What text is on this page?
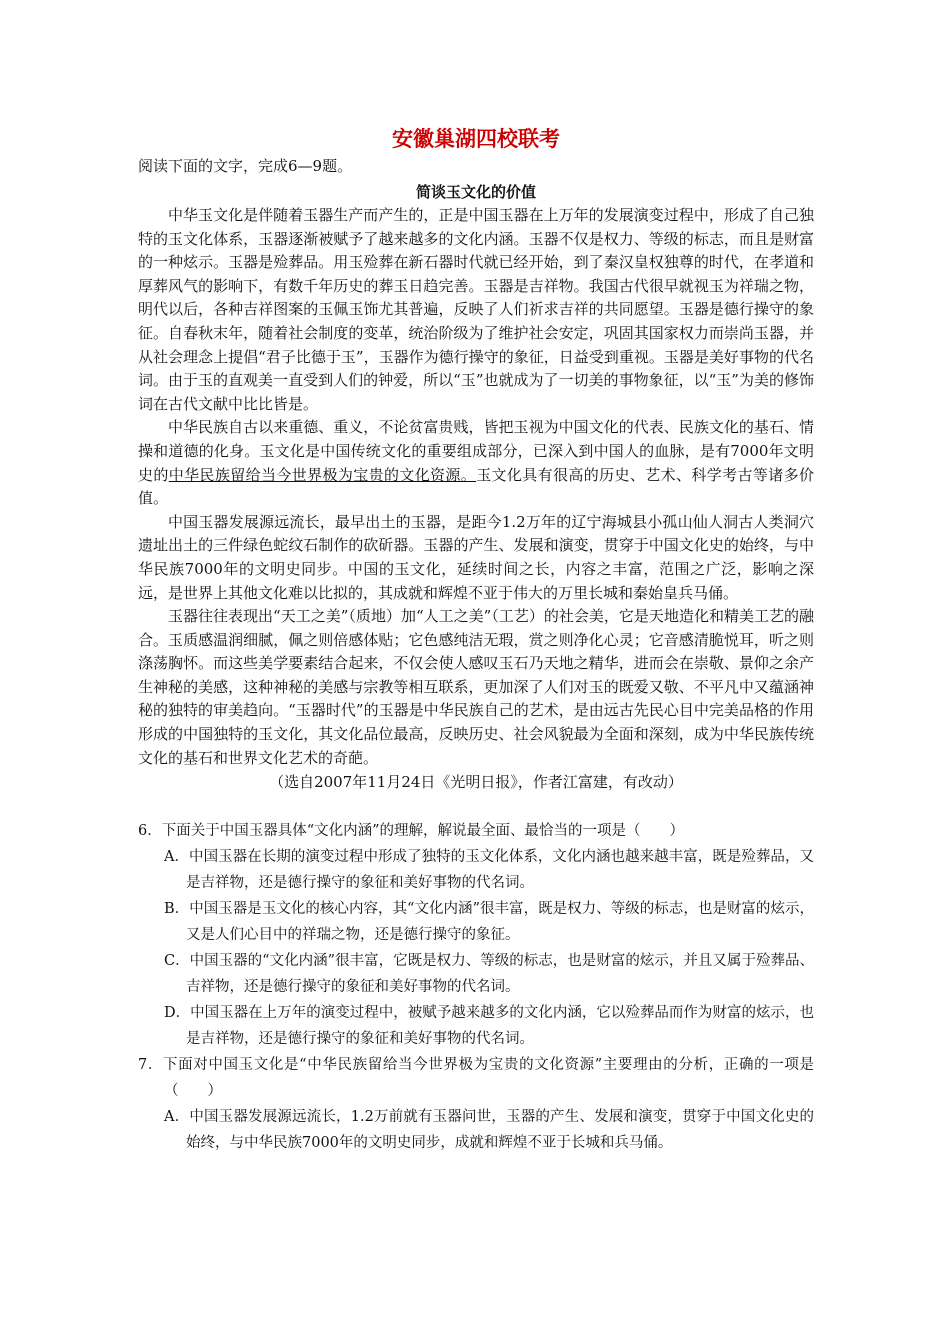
安徽巢湖四校联考

阅读下面的文字，完成6—9题。

简谈玉文化的价值

中华玉文化是伴随着玉器生产而产生的，正是中国玉器在上万年的发展演变过程中，形成了自己独特的玉文化体系，玉器逐渐被赋予了越来越多的文化内涵。玉器不仅是权力、等级的标志，而且是财富的一种炫示。玉器是殓葬品。用玉殓葬在新石器时代就已经开始，到了秦汉皇权独尊的时代，在孝道和厚葬风气的影响下，有数千年历史的葬玉日趋完善。玉器是吉祥物。我国古代很早就视玉为祥瑞之物，明代以后，各种吉祥图案的玉佩玉饰尤其普遍，反映了人们祈求吉祥的共同愿望。玉器是德行操守的象征。自春秋末年，随着社会制度的变革，统治阶级为了维护社会安定，巩固其国家权力而崇尚玉器，并从社会理念上提倡“君子比德于玉”，玉器作为德行操守的象征，日益受到重视。玉器是美好事物的代名词。由于玉的直观美一直受到人们的钟爱，所以“玉”也就成为了一切美的事物象征，以“玉”为美的修饰词在古代文献中比比皆是。

中华民族自古以来重德、重义，不论贫富贵贱，皆把玉视为中国文化的代表、民族文化的基石、情操和道德的化身。玉文化是中国传统文化的重要组成部分，已深入到中国人的血脉，是有7000年文明史的中华民族留给当今世界极为宝贵的文化资源。玉文化具有很高的历史、艺术、科学考古等诸多价值。

中国玉器发展源远流长，最早出土的玉器，是距今1.2万年的辽宁海城县小孤山仙人洞古人类洞穴遗址出土的三件绿色蛇纹石制作的砍斫器。玉器的产生、发展和演变，贯穿于中国文化史的始终，与中华民族7000年的文明史同步。中国的玉文化，延续时间之长，内容之丰富，范围之广泛，影响之深远，是世界上其他文化难以比拟的，其成就和辉煌不亚于伟大的万里长城和秦始皇兵马俑。

玉器往往表现出“天工之美”（质地）加“人工之美”（工艺）的社会美，它是天地造化和精美工艺的融合。玉质感温润细腻，佩之则倍感体贴；它色感纯洁无瑕，赏之则净化心灵；它音感清脆悦耳，听之则涤荡胸怀。而这些美学要素结合起来，不仅会使人感叹玉石乃天地之精华，进而会在崇敬、景仰之余产生神秘的美感，这种神秘的美感与宗教等相互联系，更加深了人们对玉的既爱又敬、不平凡中又蕴涵神秘的独特的审美趋向。“玉器时代”的玉器是中华民族自己的艺术，是由远古先民心目中完美品格的作用形成的中国独特的玉文化，其文化品位最高，反映历史、社会风貌最为全面和深刻，成为中华民族传统文化的基石和世界文化艺术的奇葩。

（选自2007年11月24日《光明日报》，作者江富建，有改动）

6．下面关于中国玉器具体“文化内涵”的理解，解说最全面、最恰当的一项是（　　）

A．中国玉器在长期的演变过程中形成了独特的玉文化体系，文化内涵也越来越丰富，既是殓葬品，又是吉祥物，还是德行操守的象征和美好事物的代名词。

B．中国玉器是玉文化的核心内容，其“文化内涵”很丰富，既是权力、等级的标志，也是财富的炫示，又是人们心目中的祥瑞之物，还是德行操守的象征。

C．中国玉器的“文化内涵”很丰富，它既是权力、等级的标志，也是财富的炫示，并且又属于殓葬品、吉祥物，还是德行操守的象征和美好事物的代名词。

D．中国玉器在上万年的演变过程中，被赋予越来越多的文化内涵，它以殓葬品而作为财富的炫示，也是吉祥物，还是德行操守的象征和美好事物的代名词。

7．下面对中国玉文化是“中华民族留给当今世界极为宝贵的文化资源”主要理由的分析，正确的一项是（　　）

A．中国玉器发展源远流长，1.2万前就有玉器问世，玉器的产生、发展和演变，贯穿于中国文化史的始终，与中华民族7000年的文明史同步，成就和辉煌不亚于长城和兵马俑。
